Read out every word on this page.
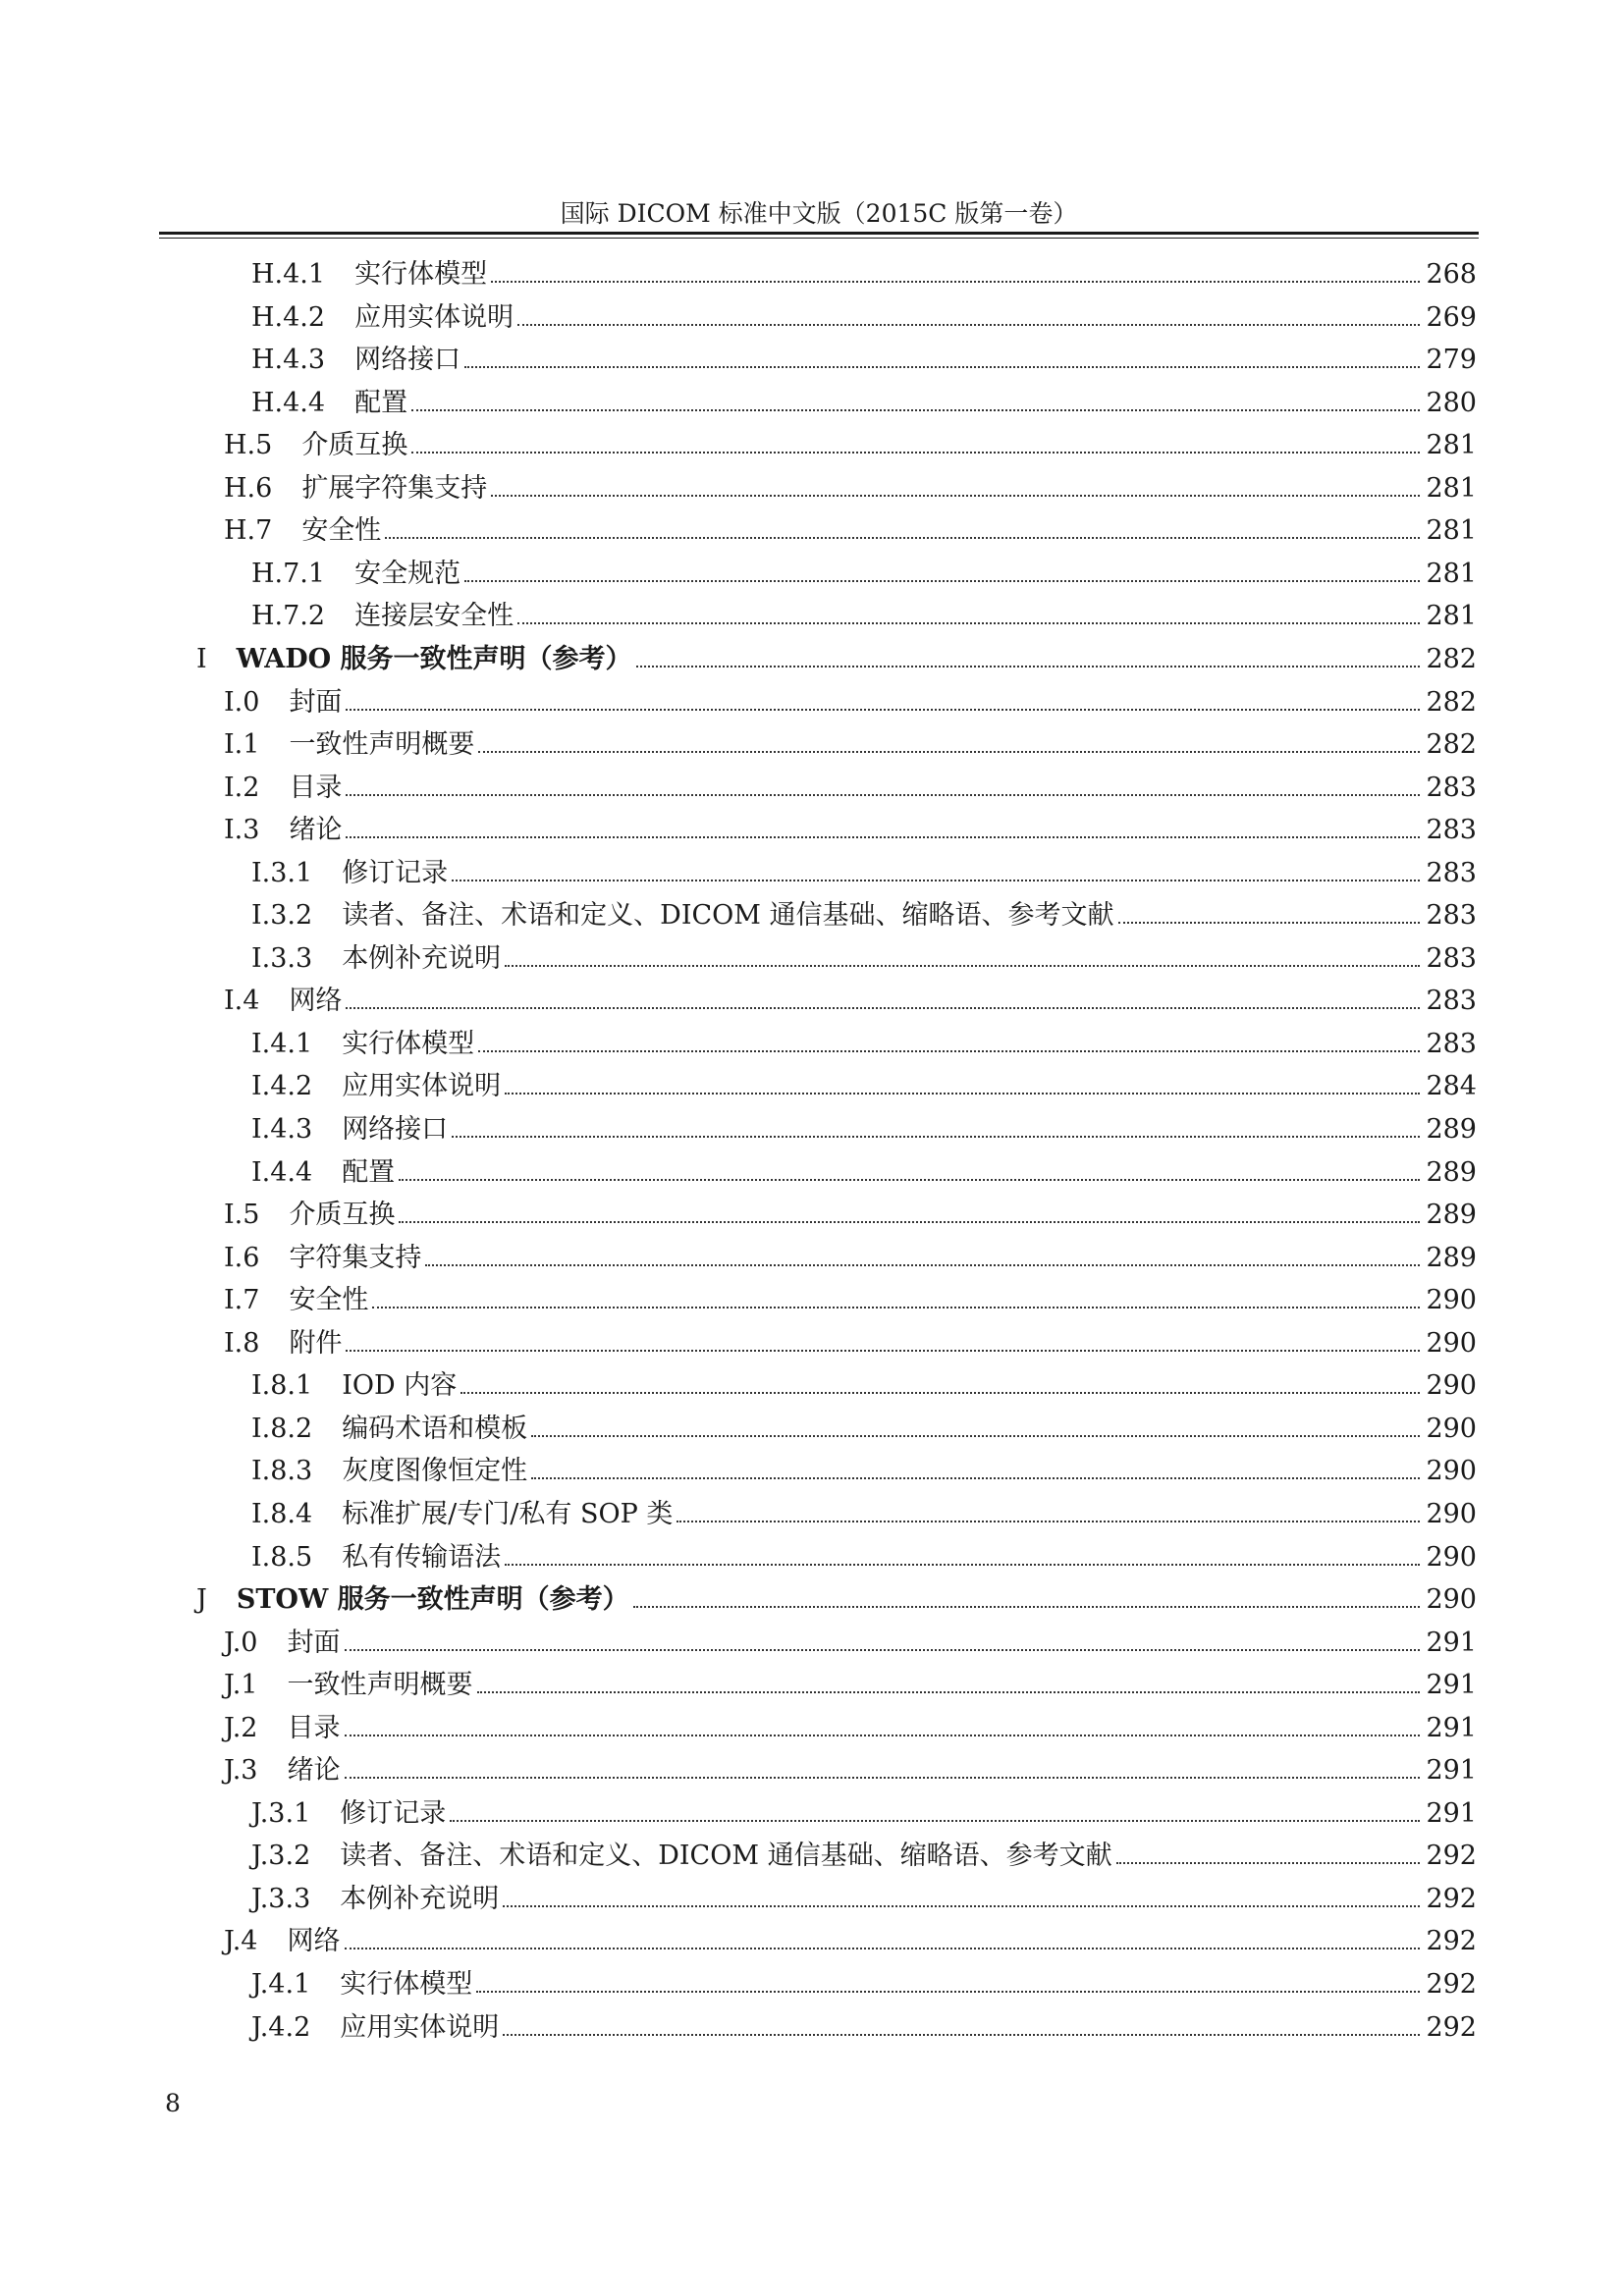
国际 DICOM 标准中文版（2015C 版第一卷）
H.4.1 实行体模型	268
H.4.2 应用实体说明	269
H.4.3 网络接口	279
H.4.4 配置	280
H.5 介质互换	281
H.6 扩展字符集支持	281
H.7 安全性	281
H.7.1 安全规范	281
H.7.2 连接层安全性	281
I WADO 服务一致性声明（参考）	282
I.0 封面	282
I.1 一致性声明概要	282
I.2 目录	283
I.3 绪论	283
I.3.1 修订记录	283
I.3.2 读者、备注、术语和定义、DICOM 通信基础、缩略语、参考文献	283
I.3.3 本例补充说明	283
I.4 网络	283
I.4.1 实行体模型	283
I.4.2 应用实体说明	284
I.4.3 网络接口	289
I.4.4 配置	289
I.5 介质互换	289
I.6 字符集支持	289
I.7 安全性	290
I.8 附件	290
I.8.1 IOD 内容	290
I.8.2 编码术语和模板	290
I.8.3 灰度图像恒定性	290
I.8.4 标准扩展/专门/私有 SOP 类	290
I.8.5 私有传输语法	290
J STOW 服务一致性声明（参考）	290
J.0 封面	291
J.1 一致性声明概要	291
J.2 目录	291
J.3 绪论	291
J.3.1 修订记录	291
J.3.2 读者、备注、术语和定义、DICOM 通信基础、缩略语、参考文献	292
J.3.3 本例补充说明	292
J.4 网络	292
J.4.1 实行体模型	292
J.4.2 应用实体说明	292
8
